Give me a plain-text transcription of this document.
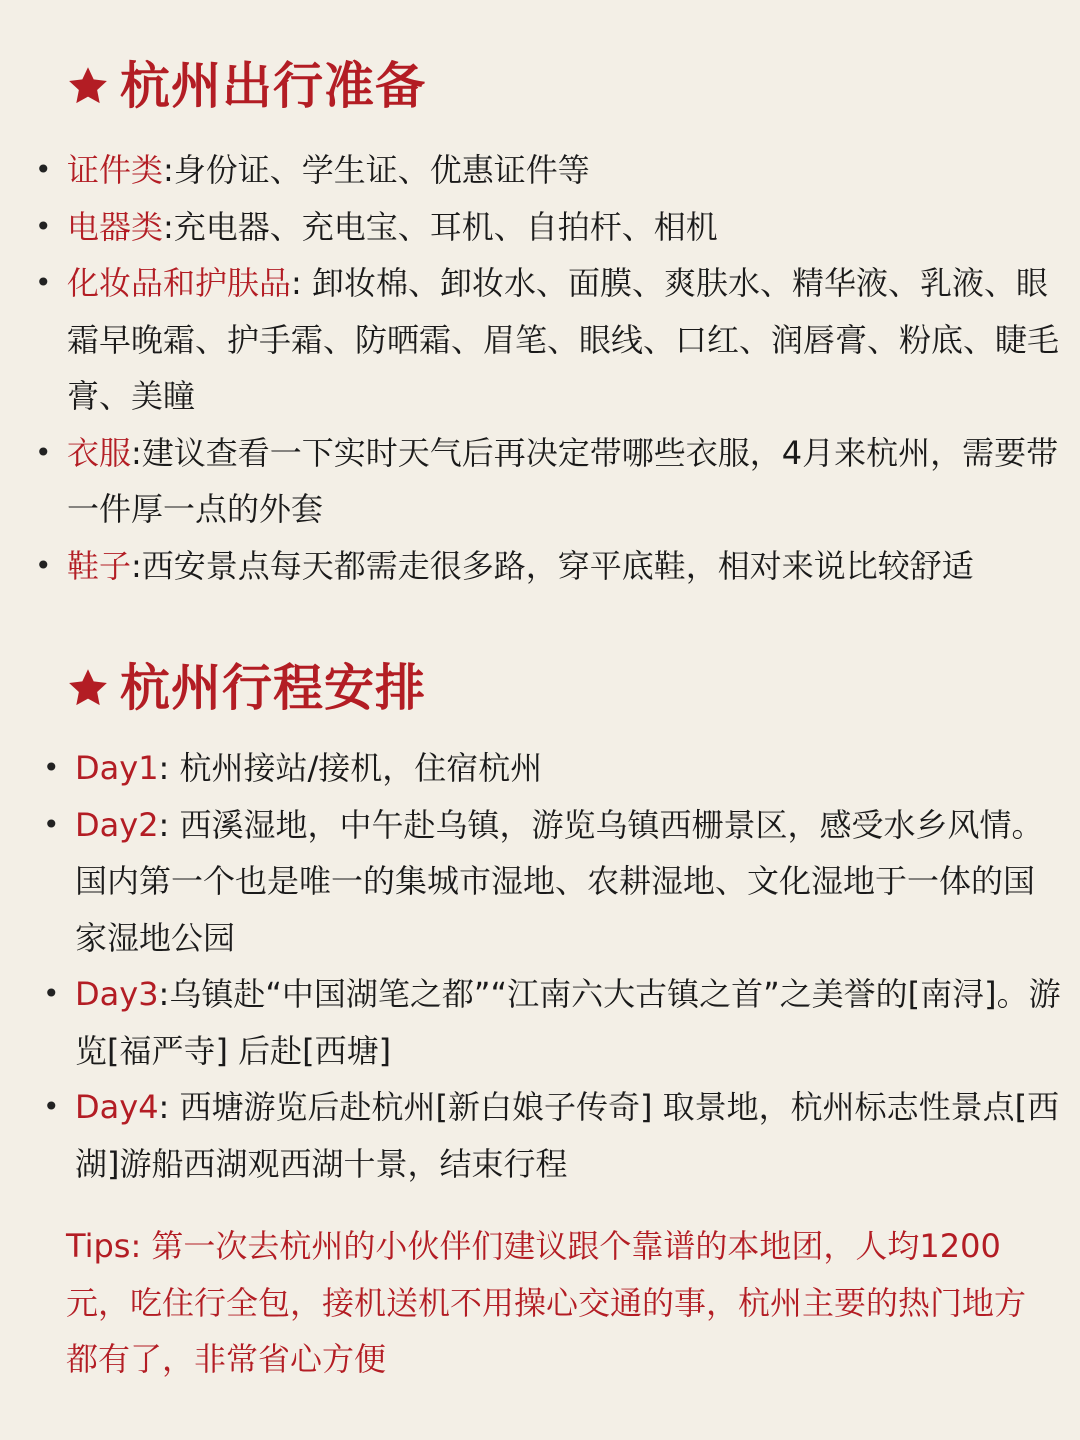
杭州出行准备
• 证件类:身份证、学生证、优惠证件等
• 电器类:充电器、充电宝、耳机、自拍杆、相机
• 化妆品和护肤品: 卸妆棉、卸妆水、面膜、爽肤水、精华液、乳液、眼霜早晚霜、护手霜、防晒霜、眉笔、眼线、口红、润唇膏、粉底、睫毛膏、美瞳
• 衣服:建议查看一下实时天气后再决定带哪些衣服，4月来杭州，需要带一件厚一点的外套
• 鞋子:西安景点每天都需走很多路，穿平底鞋，相对来说比较舒适
杭州行程安排
• Day1: 杭州接站/接机，住宿杭州
• Day2: 西溪湿地，中午赴乌镇，游览乌镇西栅景区，感受水乡风情。国内第一个也是唯一的集城市湿地、农耕湿地、文化湿地于一体的国家湿地公园
• Day3:乌镇赴“中国湖笔之都”“江南六大古镇之首”之美誉的[南浔]。游览[福严寺] 后赴[西塘]
• Day4: 西塘游览后赴杭州[新白娘子传奇] 取景地，杭州标志性景点[西湖]游船西湖观西湖十景，结束行程

Tips: 第一次去杭州的小伙伴们建议跟个靠谱的本地团，人均1200元，吃住行全包，接机送机不用操心交通的事，杭州主要的热门地方都有了，非常省心方便
